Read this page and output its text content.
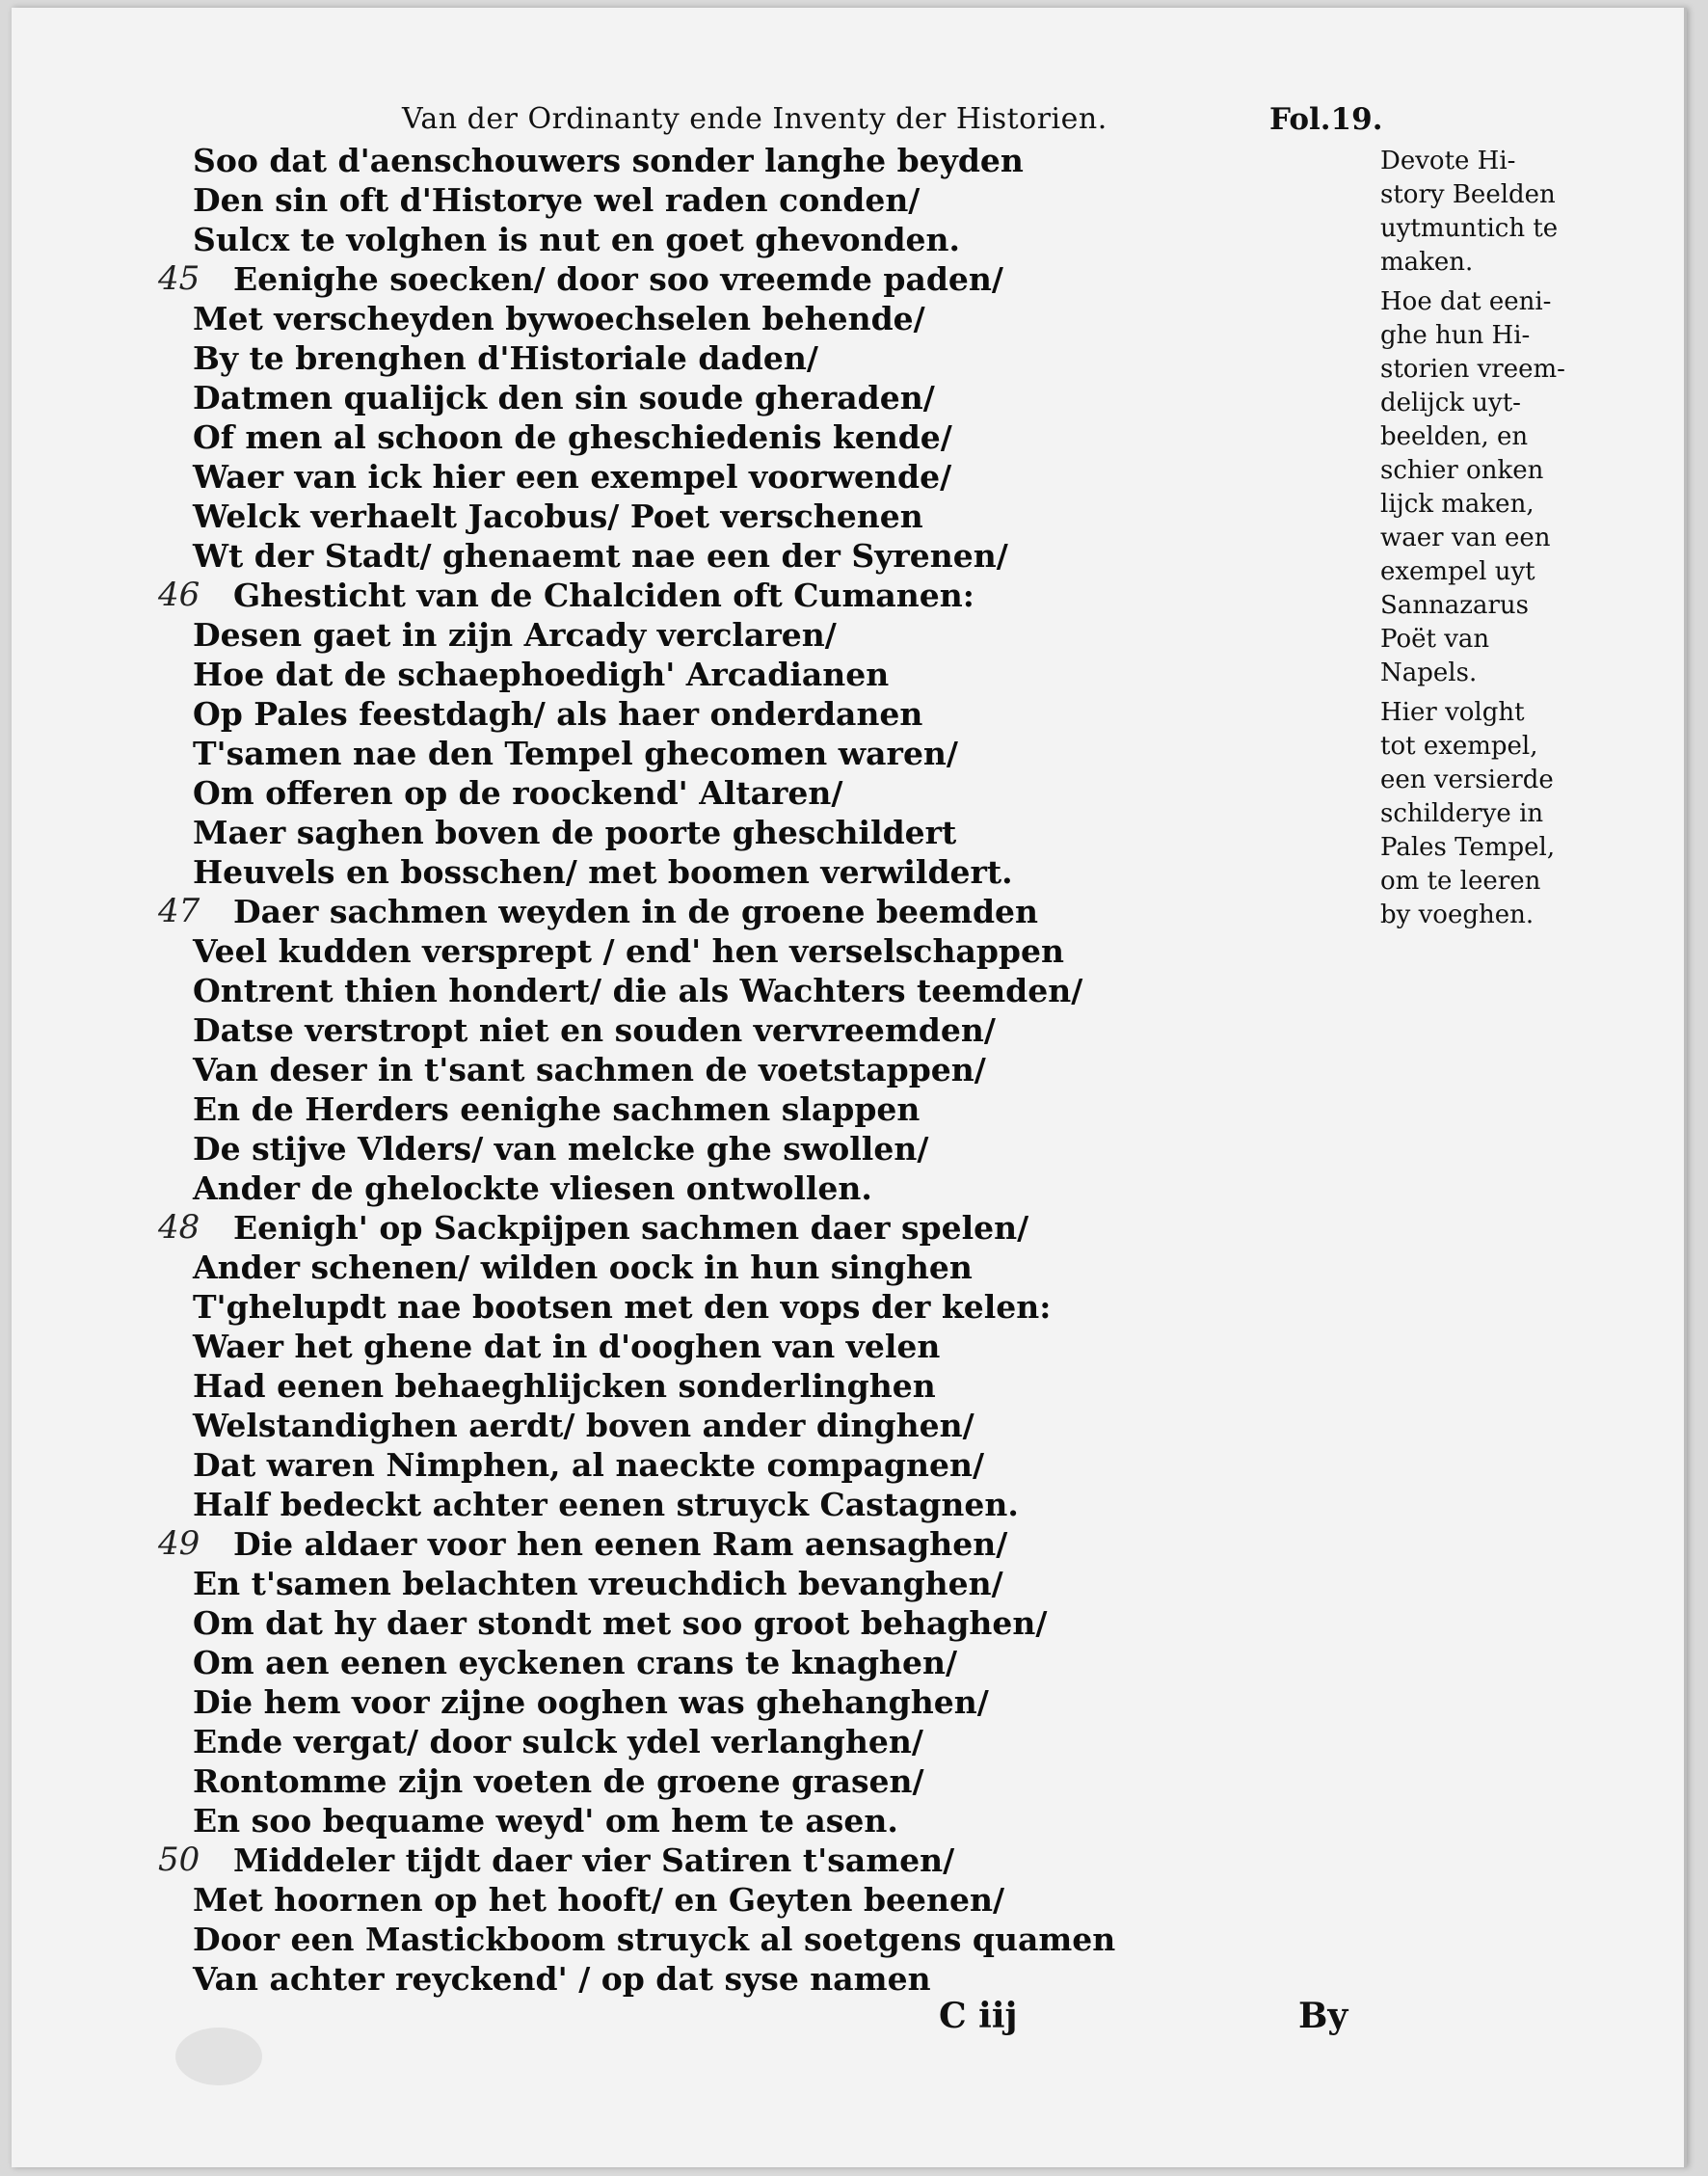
Van der Ordinanty ende Inventy der Historien.	Fol.19.
Soo dat d'aenschouwers sonder langhe beyden
Den sin oft d'Historye wel raden conden/
Sulcx te volghen is nut en goet ghevonden.
45 Eenighe soecken/ door soo vreemde paden/
Met verscheyden bywoechselen behende/
By te brenghen d'Historiale daden/
Datmen qualijck den sin soude gheraden/
Of men al schoon de gheschiedenis kende/
Waer van ick hier een exempel voorwende/
Welck verhaelt Jacobus/ Poet verschenen
Wt der Stadt/ ghenaemt nae een der Syrenen/
46 Ghesticht van de Chalciden oft Cumanen:
Desen gaet in zijn Arcady verclaren/
Hoe dat de schaephoedigh' Arcadianen
Op Pales feestdagh/ als haer onderdanen
T'samen nae den Tempel ghecomen waren/
Om offeren op de roockend' Altaren/
Maer saghen boven de poorte gheschildert
Heuvels en bosschen/ met boomen verwildert.
47 Daer sachmen weyden in de groene beemden
Veel kudden versprept / end' hen verselschappen
Ontrent thien hondert/ die als Wachters teemden/
Datse verstropt niet en souden vervreemden/
Van deser in t'sant sachmen de voetstappen/
En de Herders eenighe sachmen slappen
De stijve Vlders/ van melcke ghe swollen/
Ander de ghelockte vliesen ontwollen.
48 Eenigh' op Sackpijpen sachmen daer spelen/
Ander schenen/ wilden oock in hun singhen
T'ghelupdt nae bootsen met den vops der kelen:
Waer het ghene dat in d'ooghen van velen
Had eenen behaeghlijcken sonderlinghen
Welstandighen aerdt/ boven ander dinghen/
Dat waren Nimphen, al naeckte compagnen/
Half bedeckt achter eenen struyck Castagnen.
49 Die aldaer voor hen eenen Ram aensaghen/
En t'samen belachten vreuchdich bevanghen/
Om dat hy daer stondt met soo groot behaghen/
Om aen eenen eyckenen crans te knaghen/
Die hem voor zijne ooghen was ghehanghen/
Ende vergat/ door sulck ydel verlanghen/
Rontomme zijn voeten de groene grasen/
En soo bequame weyd' om hem te asen.
50 Middeler tijdt daer vier Satiren t'samen/
Met hoornen op het hooft/ en Geyten beenen/
Door een Mastickboom struyck al soetgens quamen
Van achter reyckend' / op dat syse namen
Devote Hi-
story Beelden
uytmuntich te
maken.
Hoe dat eeni-
ghe hun Hi-
storien vreem-
delijck uyt-
beelden, en
schier onken
lijck maken,
waer van een
exempel uyt
Sannazarus
Poët van
Napels.
Hier volght
tot exempel,
een versierde
schilderye in
Pales Tempel,
om te leeren
by voeghen.
C iij	By
